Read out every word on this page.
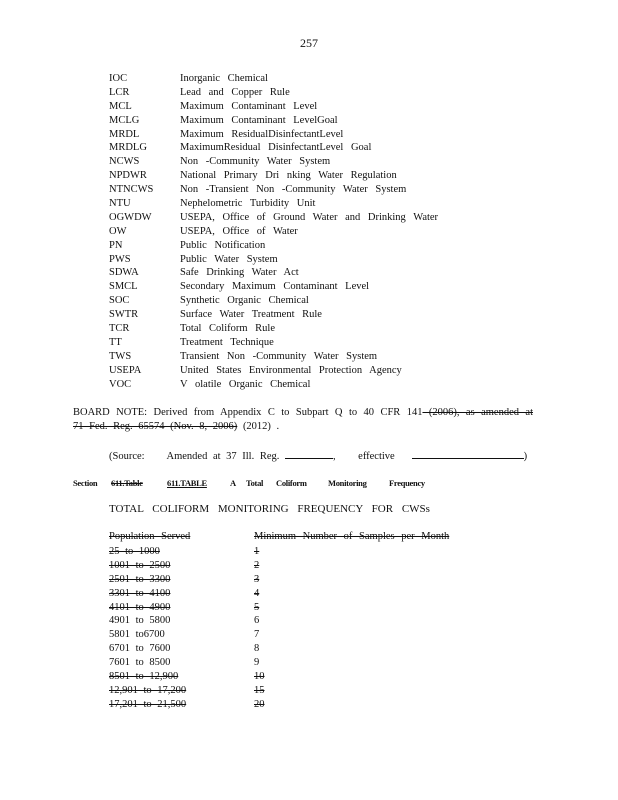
257
IOC	Inorganic Chemical
LCR	Lead and Copper Rule
MCL	Maximum Contaminant Level
MCLG	Maximum Contaminant LevelGoal
MRDL	Maximum ResidualDisinfectantLevel
MRDLG	MaximumResidual DisinfectantLevel Goal
NCWS	Non -Community Water System
NPDWR	National Primary Dri nking Water Regulation
NTNCWS	Non -Transient Non -Community Water System
NTU	Nephelometric Turbidity Unit
OGWDW	USEPA, Office of Ground Water and Drinking Water
OW	USEPA, Office of Water
PN	Public Notification
PWS	Public Water System
SDWA	Safe Drinking Water Act
SMCL	Secondary Maximum Contaminant Level
SOC	Synthetic Organic Chemical
SWTR	Surface Water Treatment Rule
TCR	Total Coliform Rule
TT	Treatment Technique
TWS	Transient Non -Community Water System
USEPA	United States Environmental Protection Agency
VOC	V olatile Organic Chemical
BOARD NOTE: Derived from Appendix C to Subpart Q to 40 CFR 141 (2006), as amended at 71 Fed. Reg. 65574 (Nov. 8, 2006) (2012) .
(Source: Amended at 37 Ill. Reg.	, effective	)
Section 611.Table	611.TABLE	A Total Coliform	Monitoring	Frequency
TOTAL COLIFORM MONITORING FREQUENCY FOR CWSs
Population Served	Minimum Number of Samples per Month
25 to 1000	1
1001 to 2500	2
2501 to 3300	3
3301 to 4100	4
4101 to 4900	5
4901 to 5800	6
5801 to6700	7
6701 to 7600	8
7601 to 8500	9
8501 to 12,900	10
12,901 to 17,200	15
17,201 to 21,500	20
